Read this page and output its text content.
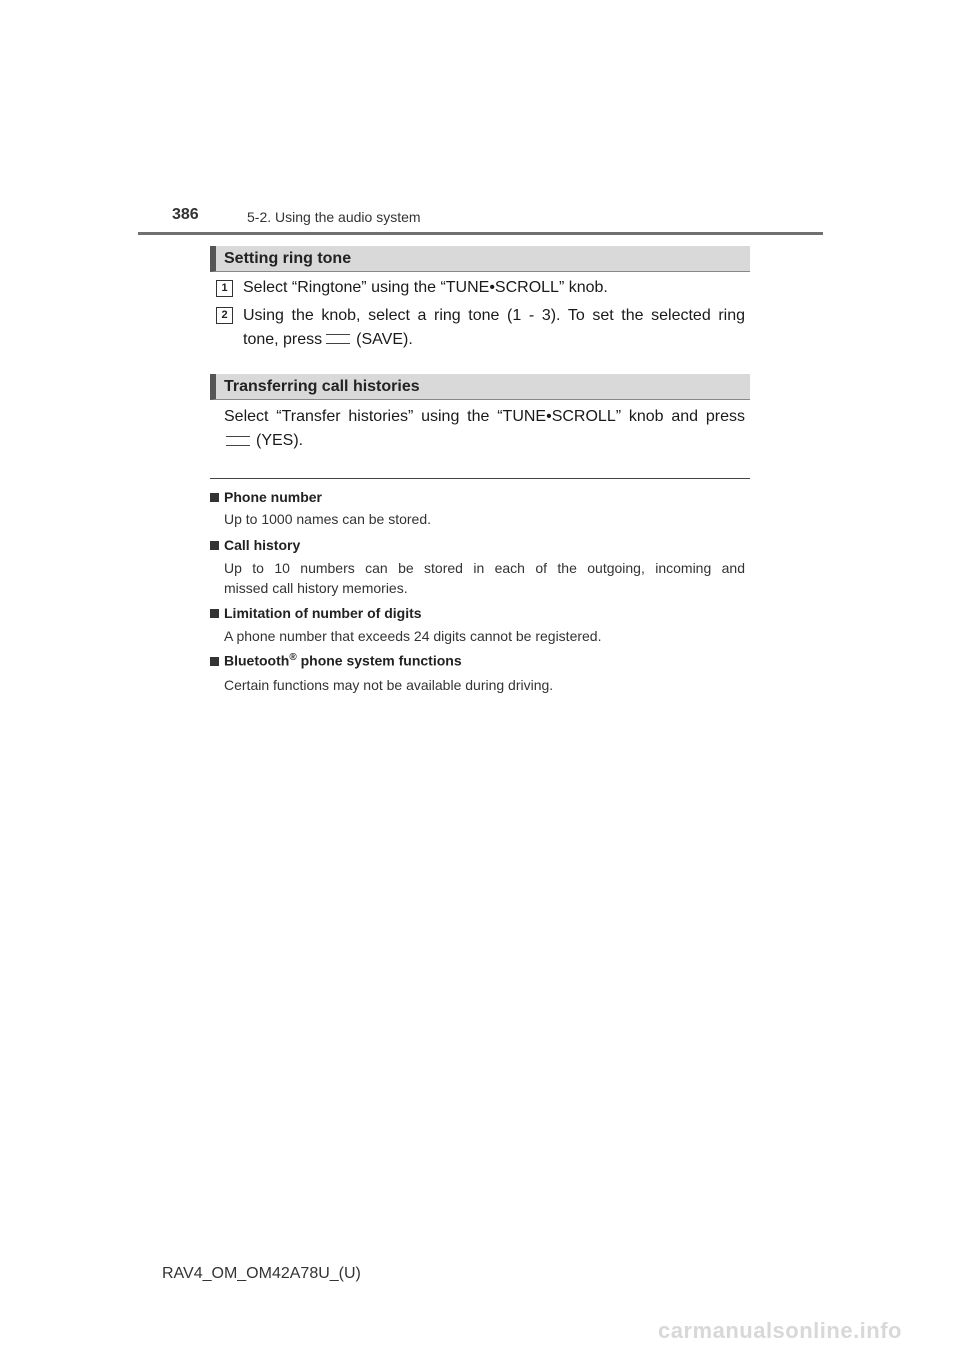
386	5-2. Using the audio system
Setting ring tone
1 Select “Ringtone” using the “TUNE•SCROLL” knob.
2 Using the knob, select a ring tone (1 - 3). To set the selected ring
tone, press (SAVE).
Transferring call histories
Select “Transfer histories” using the “TUNE•SCROLL” knob and press
(YES).
Phone number
Up to 1000 names can be stored.
Call history
Up to 10 numbers can be stored in each of the outgoing, incoming and
missed call history memories.
Limitation of number of digits
A phone number that exceeds 24 digits cannot be registered.
Bluetooth® phone system functions
Certain functions may not be available during driving.
RAV4_OM_OM42A78U_(U)
carmanualsonline.info
